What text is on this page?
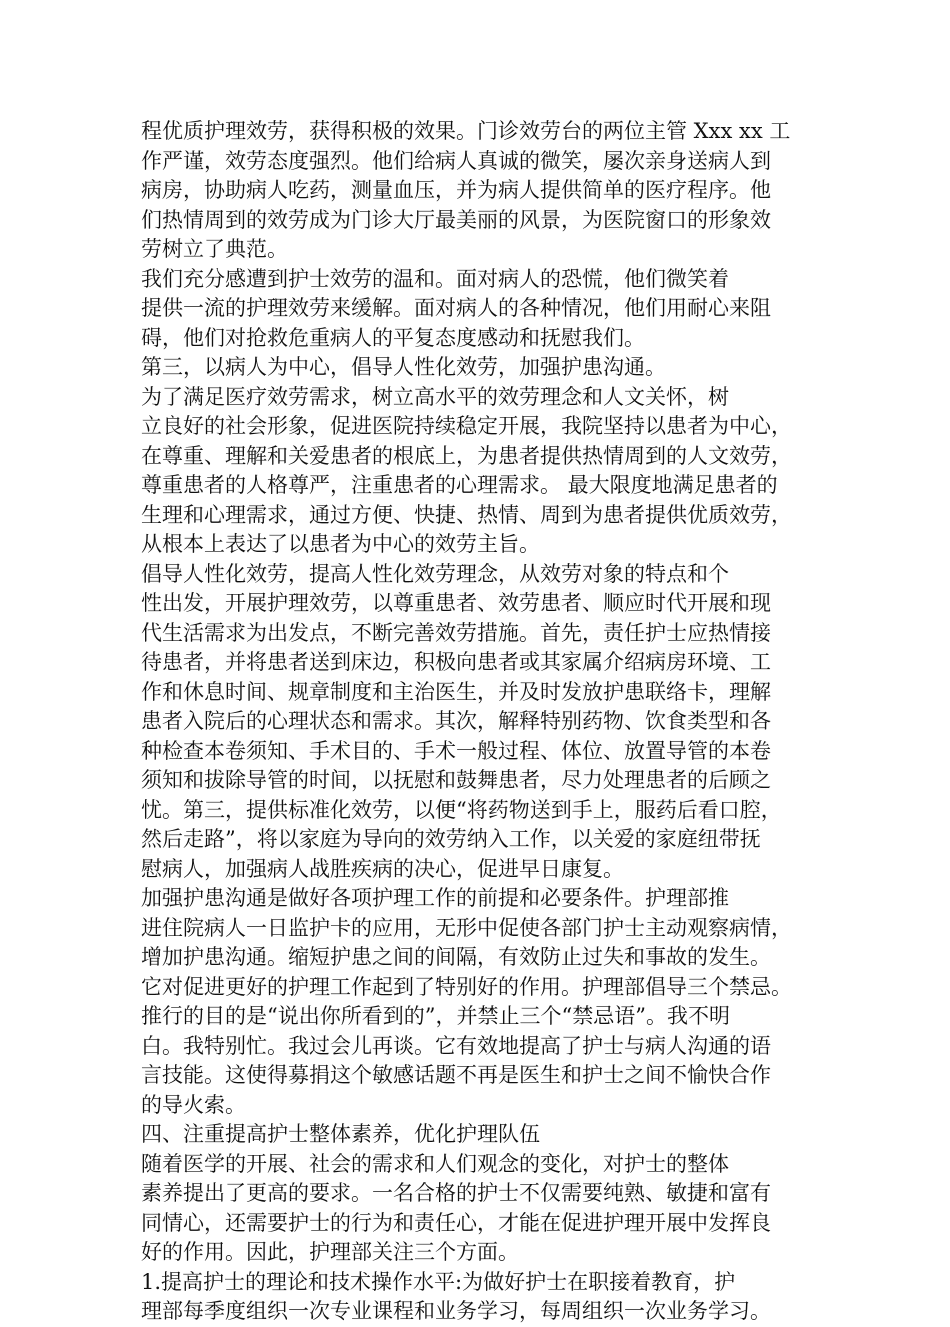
程优质护理效劳，获得积极的效果。门诊效劳台的两位主管 Xxx xx 工
作严谨，效劳态度强烈。他们给病人真诚的微笑，屡次亲身送病人到
病房，协助病人吃药，测量血压，并为病人提供简单的医疗程序。他
们热情周到的效劳成为门诊大厅最美丽的风景，为医院窗口的形象效
劳树立了典范。

我们充分感遭到护士效劳的温和。面对病人的恐慌，他们微笑着
提供一流的护理效劳来缓解。面对病人的各种情况，他们用耐心来阻
碍，他们对抢救危重病人的平复态度感动和抚慰我们。

第三，以病人为中心，倡导人性化效劳，加强护患沟通。

为了满足医疗效劳需求，树立高水平的效劳理念和人文关怀，树
立良好的社会形象，促进医院持续稳定开展，我院坚持以患者为中心，
在尊重、理解和关爱患者的根底上，为患者提供热情周到的人文效劳，
尊重患者的人格尊严，注重患者的心理需求。 最大限度地满足患者的
生理和心理需求，通过方便、快捷、热情、周到为患者提供优质效劳，
从根本上表达了以患者为中心的效劳主旨。

倡导人性化效劳，提高人性化效劳理念，从效劳对象的特点和个
性出发，开展护理效劳，以尊重患者、效劳患者、顺应时代开展和现
代生活需求为出发点，不断完善效劳措施。首先，责任护士应热情接
待患者，并将患者送到床边，积极向患者或其家属介绍病房环境、工
作和休息时间、规章制度和主治医生，并及时发放护患联络卡，理解
患者入院后的心理状态和需求。其次，解释特别药物、饮食类型和各
种检查本卷须知、手术目的、手术一般过程、体位、放置导管的本卷
须知和拔除导管的时间，以抚慰和鼓舞患者，尽力处理患者的后顾之
忧。第三，提供标准化效劳，以便“将药物送到手上，服药后看口腔，
然后走路”，将以家庭为导向的效劳纳入工作，以关爱的家庭纽带抚
慰病人，加强病人战胜疾病的决心，促进早日康复。

加强护患沟通是做好各项护理工作的前提和必要条件。护理部推
进住院病人一日监护卡的应用，无形中促使各部门护士主动观察病情，
增加护患沟通。缩短护患之间的间隔，有效防止过失和事故的发生。
它对促进更好的护理工作起到了特别好的作用。护理部倡导三个禁忌。
推行的目的是“说出你所看到的”，并禁止三个“禁忌语”。我不明
白。我特别忙。我过会儿再谈。它有效地提高了护士与病人沟通的语
言技能。这使得募捐这个敏感话题不再是医生和护士之间不愉快合作
的导火索。

四、注重提高护士整体素养，优化护理队伍

随着医学的开展、社会的需求和人们观念的变化，对护士的整体
素养提出了更高的要求。一名合格的护士不仅需要纯熟、敏捷和富有
同情心，还需要护士的行为和责任心，才能在促进护理开展中发挥良
好的作用。因此，护理部关注三个方面。

1.提高护士的理论和技术操作水平:为做好护士在职接着教育，护
理部每季度组织一次专业课程和业务学习，每周组织一次业务学习。
